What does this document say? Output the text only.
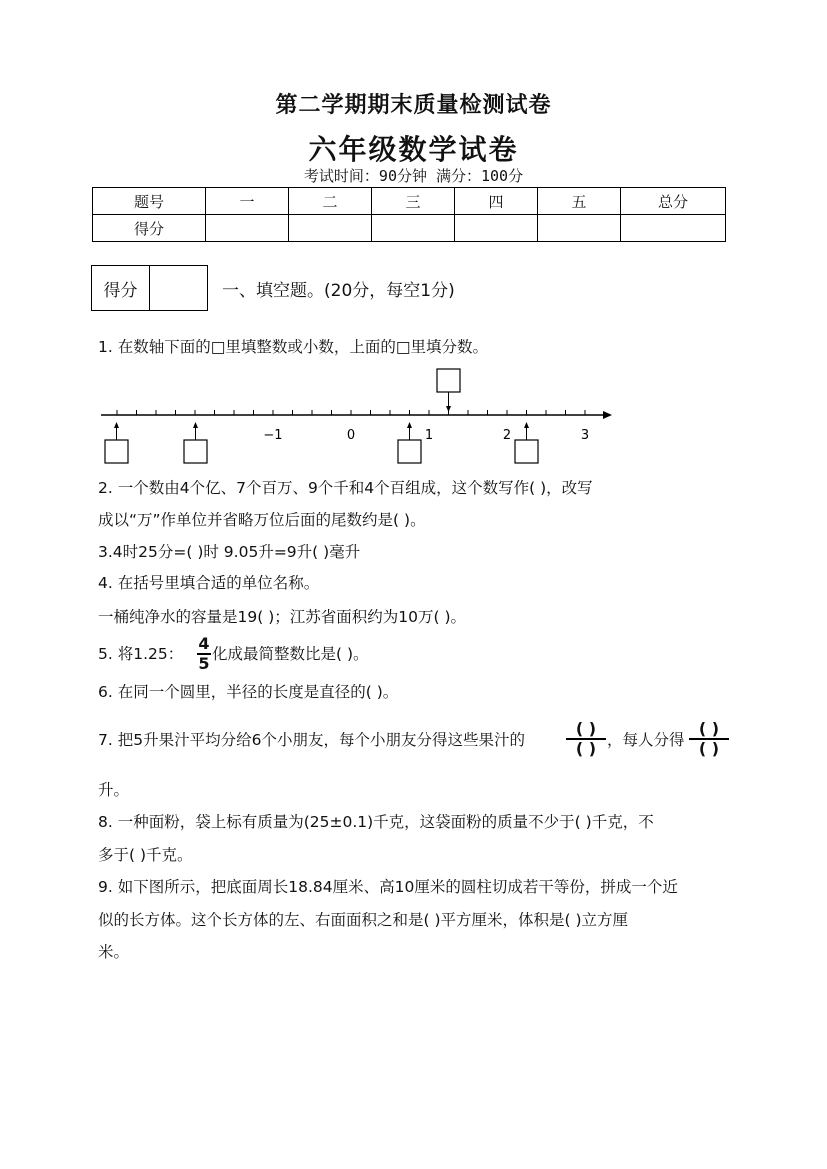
第二学期期末质量检测试卷
六年级数学试卷
考试时间：90分钟 满分：100分
题号	一	二	三	四	五	总分
得分						
得分	一、填空题。(20分，每空1分)
1. 在数轴下面的□里填整数或小数，上面的□里填分数。
−1	0	1	2	3
2. 一个数由4个亿、7个百万、9个千和4个百组成，这个数写作( )，改写
成以“万”作单位并省略万位后面的尾数约是( )。
3.4时25分=( )时 9.05升=9升( )毫升
4. 在括号里填合适的单位名称。
一桶纯净水的容量是19( )；江苏省面积约为10万( )。
5. 将1.25：
4
5 化成最简整数比是( )。
6. 在同一个圆里，半径的长度是直径的( )。
7. 把5升果汁平均分给6个小朋友，每个小朋友分得这些果汁的
( )
( ) ，每人分得
( )
( )
升。
8. 一种面粉，袋上标有质量为(25±0.1)千克，这袋面粉的质量不少于( )千克，不
多于( )千克。
9. 如下图所示，把底面周长18.84厘米、高10厘米的圆柱切成若干等份，拼成一个近
似的长方体。这个长方体的左、右面面积之和是( )平方厘米，体积是( )立方厘
米。
